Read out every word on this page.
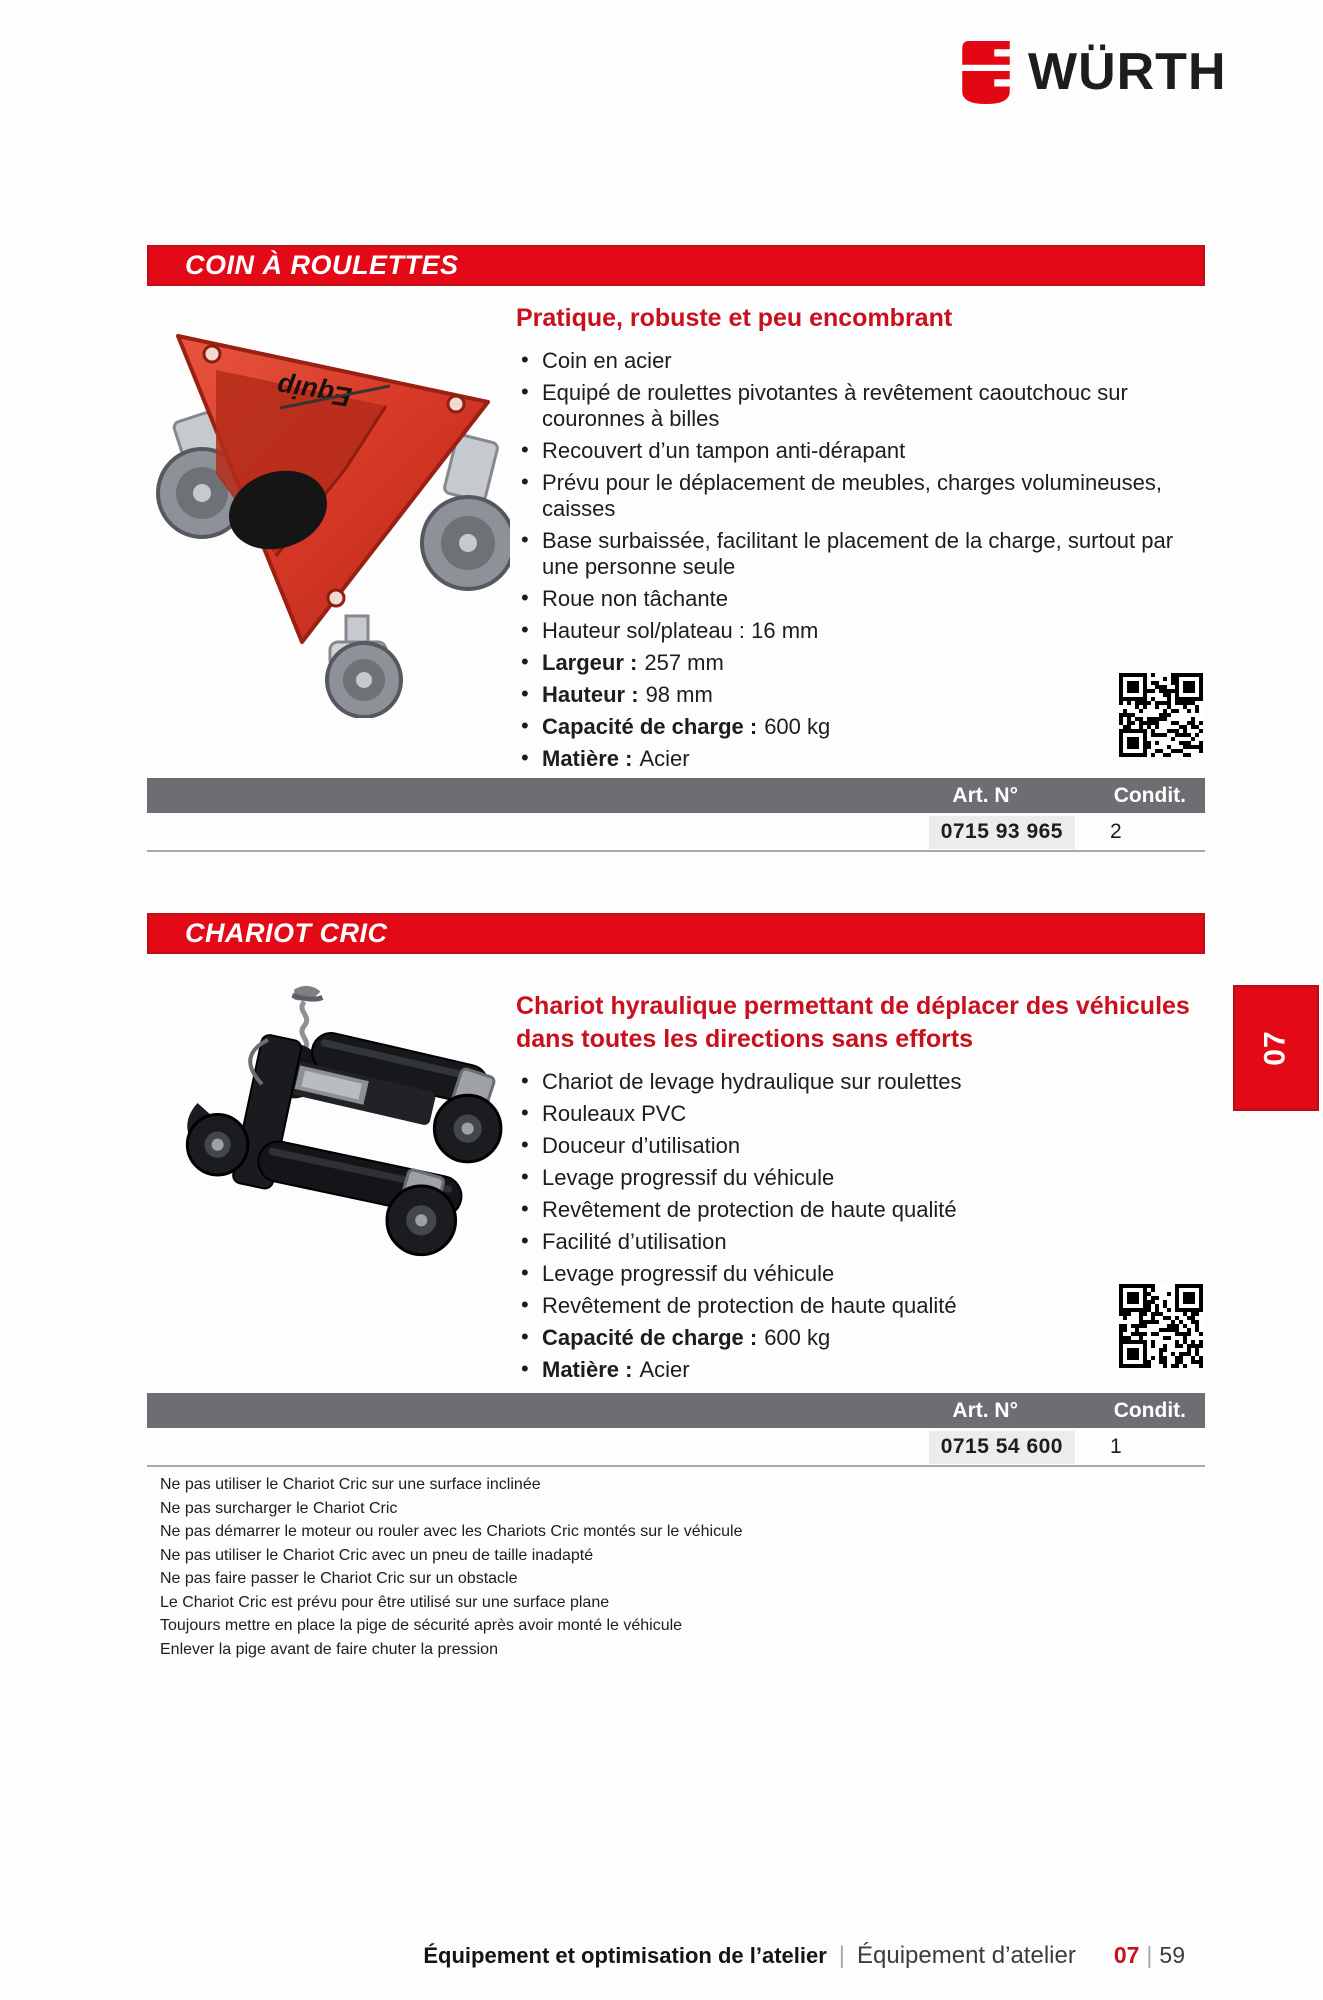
WÜRTH
COIN À ROULETTES
Equip
Pratique, robuste et peu encombrant
• Coin en acier
• Equipé de roulettes pivotantes à revêtement caoutchouc sur couronnes à billes
• Recouvert d’un tampon anti-dérapant
• Prévu pour le déplacement de meubles, charges volumineuses, caisses
• Base surbaissée, facilitant le placement de la charge, surtout par une personne seule
• Roue non tâchante
• Hauteur sol/plateau : 16 mm
• Largeur : 257 mm
• Hauteur : 98 mm
• Capacité de charge : 600 kg
• Matière : Acier
Art. N°	Condit.
0715 93 965	2
CHARIOT CRIC
Chariot hyraulique permettant de déplacer des véhicules dans toutes les directions sans efforts
• Chariot de levage hydraulique sur roulettes
• Rouleaux PVC
• Douceur d’utilisation
• Levage progressif du véhicule
• Revêtement de protection de haute qualité
• Facilité d’utilisation
• Levage progressif du véhicule
• Revêtement de protection de haute qualité
• Capacité de charge : 600 kg
• Matière : Acier
Art. N°	Condit.
0715 54 600	1
07
Ne pas utiliser le Chariot Cric sur une surface inclinée
Ne pas surcharger le Chariot Cric
Ne pas démarrer le moteur ou rouler avec les Chariots Cric montés sur le véhicule
Ne pas utiliser le Chariot Cric avec un pneu de taille inadapté
Ne pas faire passer le Chariot Cric sur un obstacle
Le Chariot Cric est prévu pour être utilisé sur une surface plane
Toujours mettre en place la pige de sécurité après avoir monté le véhicule
Enlever la pige avant de faire chuter la pression
Équipement et optimisation de l’atelier | Équipement d’atelier 07 | 59
